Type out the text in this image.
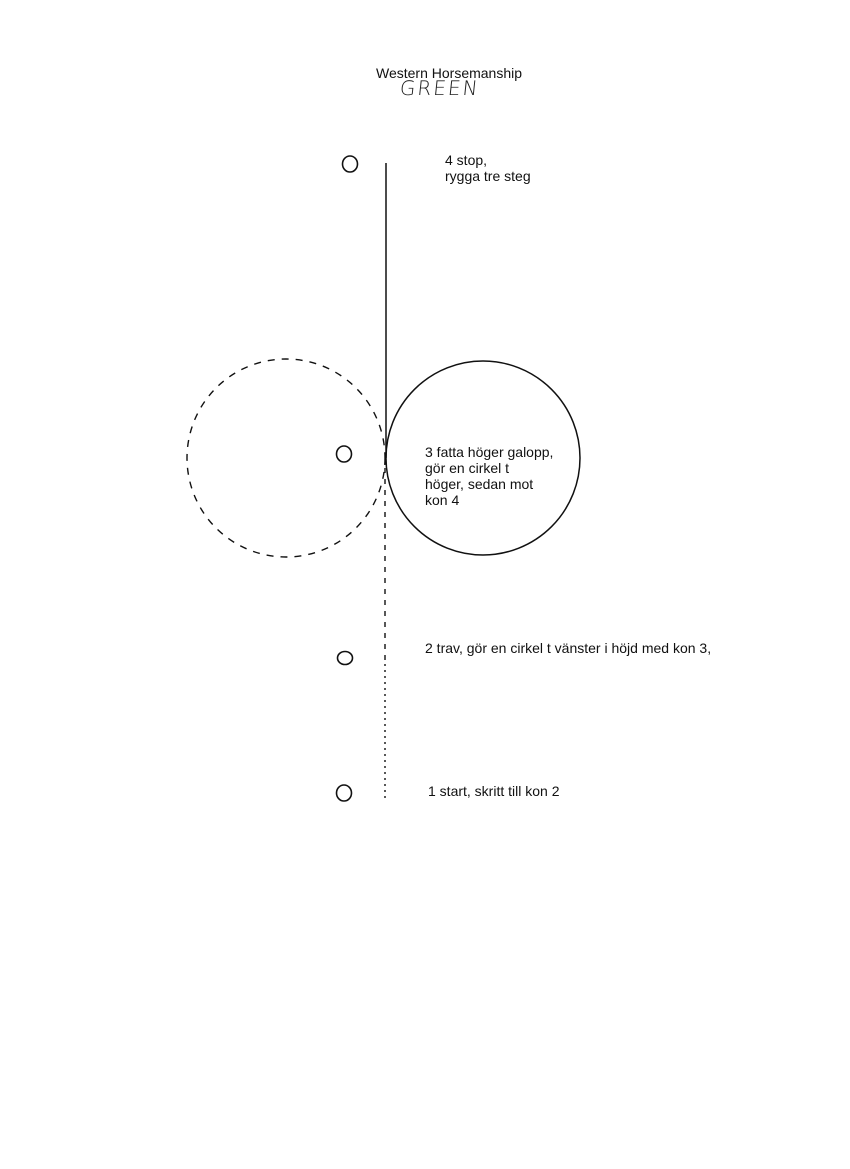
Western Horsemanship
GREEN
4 stop,
rygga tre steg
3 fatta höger galopp,
gör en cirkel t
höger, sedan mot
kon 4
2 trav, gör en cirkel t vänster i höjd med kon 3,
1 start, skritt till kon 2
